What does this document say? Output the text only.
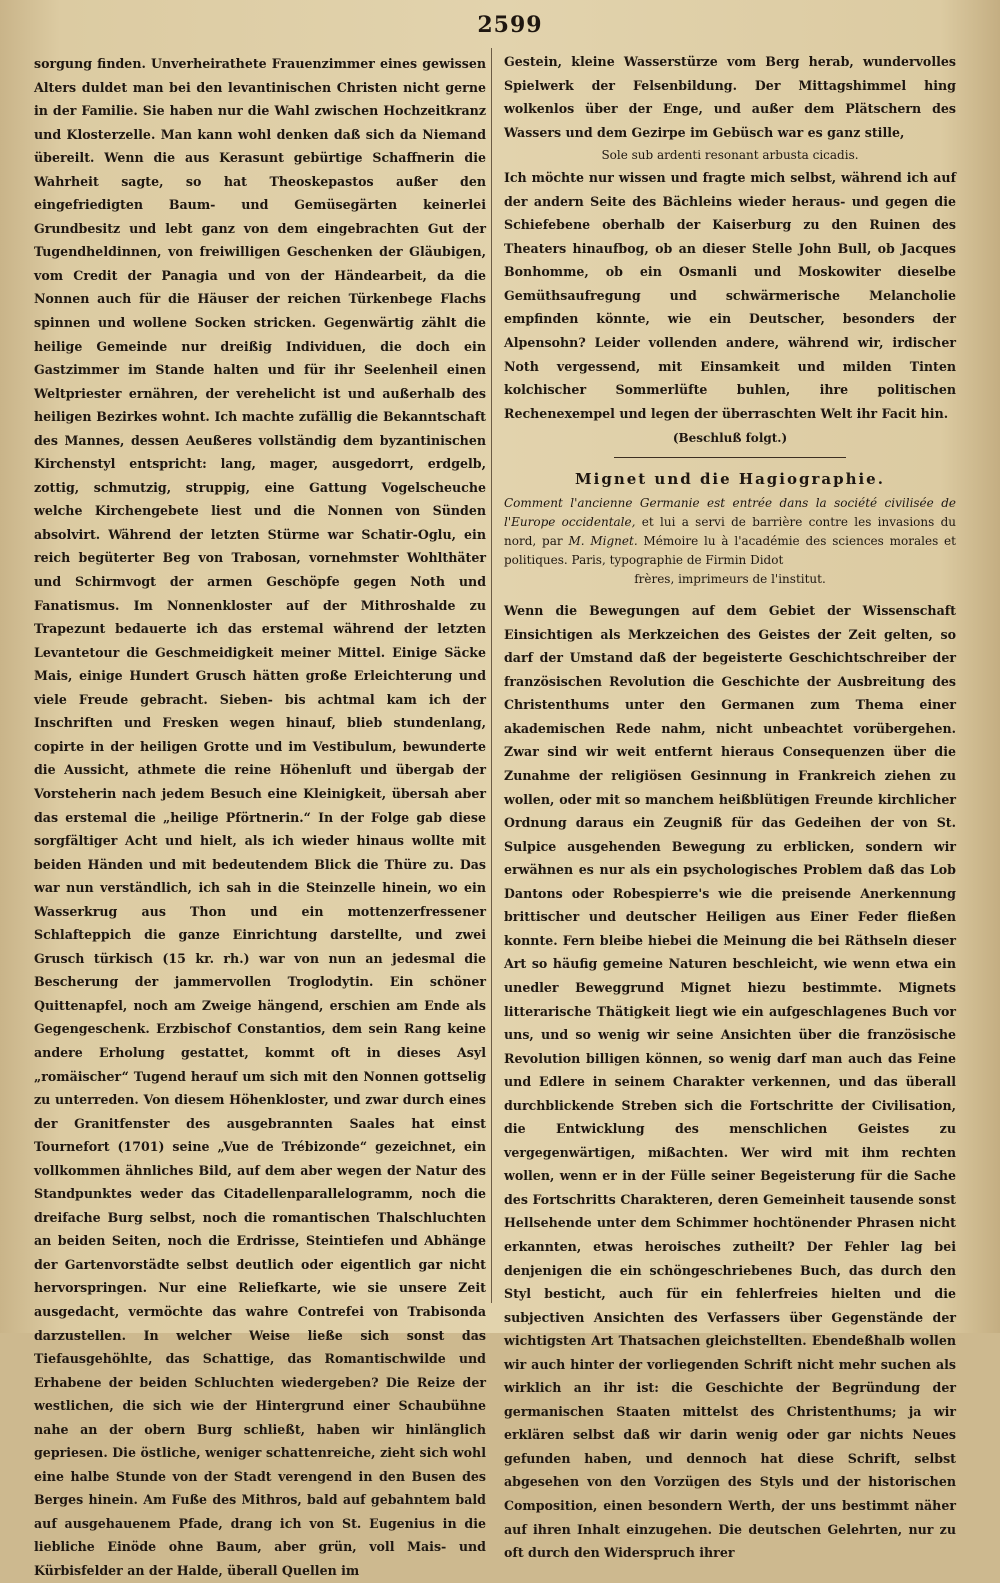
2599

sorgung finden. Unverheirathete Frauenzimmer eines gewissen Alters duldet man bei den levantinischen Christen nicht gerne in der Familie. Sie haben nur die Wahl zwischen Hochzeitkranz und Klosterzelle. Man kann wohl denken daß sich da Niemand übereilt. Wenn die aus Kerasunt gebürtige Schaffnerin die Wahrheit sagte, so hat Theoskepastos außer den eingefriedigten Baum- und Gemüsegärten keinerlei Grundbesitz und lebt ganz von dem eingebrachten Gut der Tugendheldinnen, von freiwilligen Geschenken der Gläubigen, vom Credit der Panagia und von der Händearbeit, da die Nonnen auch für die Häuser der reichen Türkenbege Flachs spinnen und wollene Socken stricken. Gegenwärtig zählt die heilige Gemeinde nur dreißig Individuen, die doch ein Gastzimmer im Stande halten und für ihr Seelenheil einen Weltpriester ernähren, der verehelicht ist und außerhalb des heiligen Bezirkes wohnt. Ich machte zufällig die Bekanntschaft des Mannes, dessen Aeußeres vollständig dem byzantinischen Kirchenstyl entspricht: lang, mager, ausgedorrt, erdgelb, zottig, schmutzig, struppig, eine Gattung Vogelscheuche welche Kirchengebete liest und die Nonnen von Sünden absolvirt. Während der letzten Stürme war Schatir-Oglu, ein reich begüterter Beg von Trabosan, vornehmster Wohlthäter und Schirmvogt der armen Geschöpfe gegen Noth und Fanatismus. Im Nonnenkloster auf der Mithroshalde zu Trapezunt bedauerte ich das erstemal während der letzten Levantetour die Geschmeidigkeit meiner Mittel. Einige Säcke Mais, einige Hundert Grusch hätten große Erleichterung und viele Freude gebracht. Sieben- bis achtmal kam ich der Inschriften und Fresken wegen hinauf, blieb stundenlang, copirte in der heiligen Grotte und im Vestibulum, bewunderte die Aussicht, athmete die reine Höhenluft und übergab der Vorsteherin nach jedem Besuch eine Kleinigkeit, übersah aber das erstemal die „heilige Pförtnerin.“ In der Folge gab diese sorgfältiger Acht und hielt, als ich wieder hinaus wollte mit beiden Händen und mit bedeutendem Blick die Thüre zu. Das war nun verständlich, ich sah in die Steinzelle hinein, wo ein Wasserkrug aus Thon und ein mottenzerfressener Schlafteppich die ganze Einrichtung darstellte, und zwei Grusch türkisch (15 kr. rh.) war von nun an jedesmal die Bescherung der jammervollen Troglodytin. Ein schöner Quittenapfel, noch am Zweige hängend, erschien am Ende als Gegengeschenk. Erzbischof Constantios, dem sein Rang keine andere Erholung gestattet, kommt oft in dieses Asyl „romäischer“ Tugend herauf um sich mit den Nonnen gottselig zu unterreden. Von diesem Höhenkloster, und zwar durch eines der Granitfenster des ausgebrannten Saales hat einst Tournefort (1701) seine „Vue de Trébizonde“ gezeichnet, ein vollkommen ähnliches Bild, auf dem aber wegen der Natur des Standpunktes weder das Citadellenparallelogramm, noch die dreifache Burg selbst, noch die romantischen Thalschluchten an beiden Seiten, noch die Erdrisse, Steintiefen und Abhänge der Gartenvorstädte selbst deutlich oder eigentlich gar nicht hervorspringen. Nur eine Reliefkarte, wie sie unsere Zeit ausgedacht, vermöchte das wahre Contrefei von Trabisonda darzustellen. In welcher Weise ließe sich sonst das Tiefausgehöhlte, das Schattige, das Romantischwilde und Erhabene der beiden Schluchten wiedergeben? Die Reize der westlichen, die sich wie der Hintergrund einer Schaubühne nahe an der obern Burg schließt, haben wir hinlänglich gepriesen. Die östliche, weniger schattenreiche, zieht sich wohl eine halbe Stunde von der Stadt verengend in den Busen des Berges hinein. Am Fuße des Mithros, bald auf gebahntem bald auf ausgehauenem Pfade, drang ich von St. Eugenius in die liebliche Einöde ohne Baum, aber grün, voll Mais- und Kürbisfelder an der Halde, überall Quellen im

Gestein, kleine Wasserstürze vom Berg herab, wundervolles Spielwerk der Felsenbildung. Der Mittagshimmel hing wolkenlos über der Enge, und außer dem Plätschern des Wassers und dem Gezirpe im Gebüsch war es ganz stille,

Sole sub ardenti resonant arbusta cicadis.

Ich möchte nur wissen und fragte mich selbst, während ich auf der andern Seite des Bächleins wieder heraus- und gegen die Schiefebene oberhalb der Kaiserburg zu den Ruinen des Theaters hinaufbog, ob an dieser Stelle John Bull, ob Jacques Bonhomme, ob ein Osmanli und Moskowiter dieselbe Gemüthsaufregung und schwärmerische Melancholie empfinden könnte, wie ein Deutscher, besonders der Alpensohn? Leider vollenden andere, während wir, irdischer Noth vergessend, mit Einsamkeit und milden Tinten kolchischer Sommerlüfte buhlen, ihre politischen Rechenexempel und legen der überraschten Welt ihr Facit hin.

(Beschluß folgt.)
Mignet und die Hagiographie.
Comment l'ancienne Germanie est entrée dans la société civilisée de l'Europe occidentale, et lui a servi de barrière contre les invasions du nord, par M. Mignet. Mémoire lu à l'académie des sciences morales et politiques. Paris, typographie de Firmin Didot
frères, imprimeurs de l'institut.

Wenn die Bewegungen auf dem Gebiet der Wissenschaft Einsichtigen als Merkzeichen des Geistes der Zeit gelten, so darf der Umstand daß der begeisterte Geschichtschreiber der französischen Revolution die Geschichte der Ausbreitung des Christenthums unter den Germanen zum Thema einer akademischen Rede nahm, nicht unbeachtet vorübergehen. Zwar sind wir weit entfernt hieraus Consequenzen über die Zunahme der religiösen Gesinnung in Frankreich ziehen zu wollen, oder mit so manchem heißblütigen Freunde kirchlicher Ordnung daraus ein Zeugniß für das Gedeihen der von St. Sulpice ausgehenden Bewegung zu erblicken, sondern wir erwähnen es nur als ein psychologisches Problem daß das Lob Dantons oder Robespierre's wie die preisende Anerkennung brittischer und deutscher Heiligen aus Einer Feder fließen konnte. Fern bleibe hiebei die Meinung die bei Räthseln dieser Art so häufig gemeine Naturen beschleicht, wie wenn etwa ein unedler Beweggrund Mignet hiezu bestimmte. Mignets litterarische Thätigkeit liegt wie ein aufgeschlagenes Buch vor uns, und so wenig wir seine Ansichten über die französische Revolution billigen können, so wenig darf man auch das Feine und Edlere in seinem Charakter verkennen, und das überall durchblickende Streben sich die Fortschritte der Civilisation, die Entwicklung des menschlichen Geistes zu vergegenwärtigen, mißachten. Wer wird mit ihm rechten wollen, wenn er in der Fülle seiner Begeisterung für die Sache des Fortschritts Charakteren, deren Gemeinheit tausende sonst Hellsehende unter dem Schimmer hochtönender Phrasen nicht erkannten, etwas heroisches zutheilt? Der Fehler lag bei denjenigen die ein schöngeschriebenes Buch, das durch den Styl besticht, auch für ein fehlerfreies hielten und die subjectiven Ansichten des Verfassers über Gegenstände der wichtigsten Art Thatsachen gleichstellten. Ebendeßhalb wollen wir auch hinter der vorliegenden Schrift nicht mehr suchen als wirklich an ihr ist: die Geschichte der Begründung der germanischen Staaten mittelst des Christenthums; ja wir erklären selbst daß wir darin wenig oder gar nichts Neues gefunden haben, und dennoch hat diese Schrift, selbst abgesehen von den Vorzügen des Styls und der historischen Composition, einen besondern Werth, der uns bestimmt näher auf ihren Inhalt einzugehen. Die deutschen Gelehrten, nur zu oft durch den Widerspruch ihrer
